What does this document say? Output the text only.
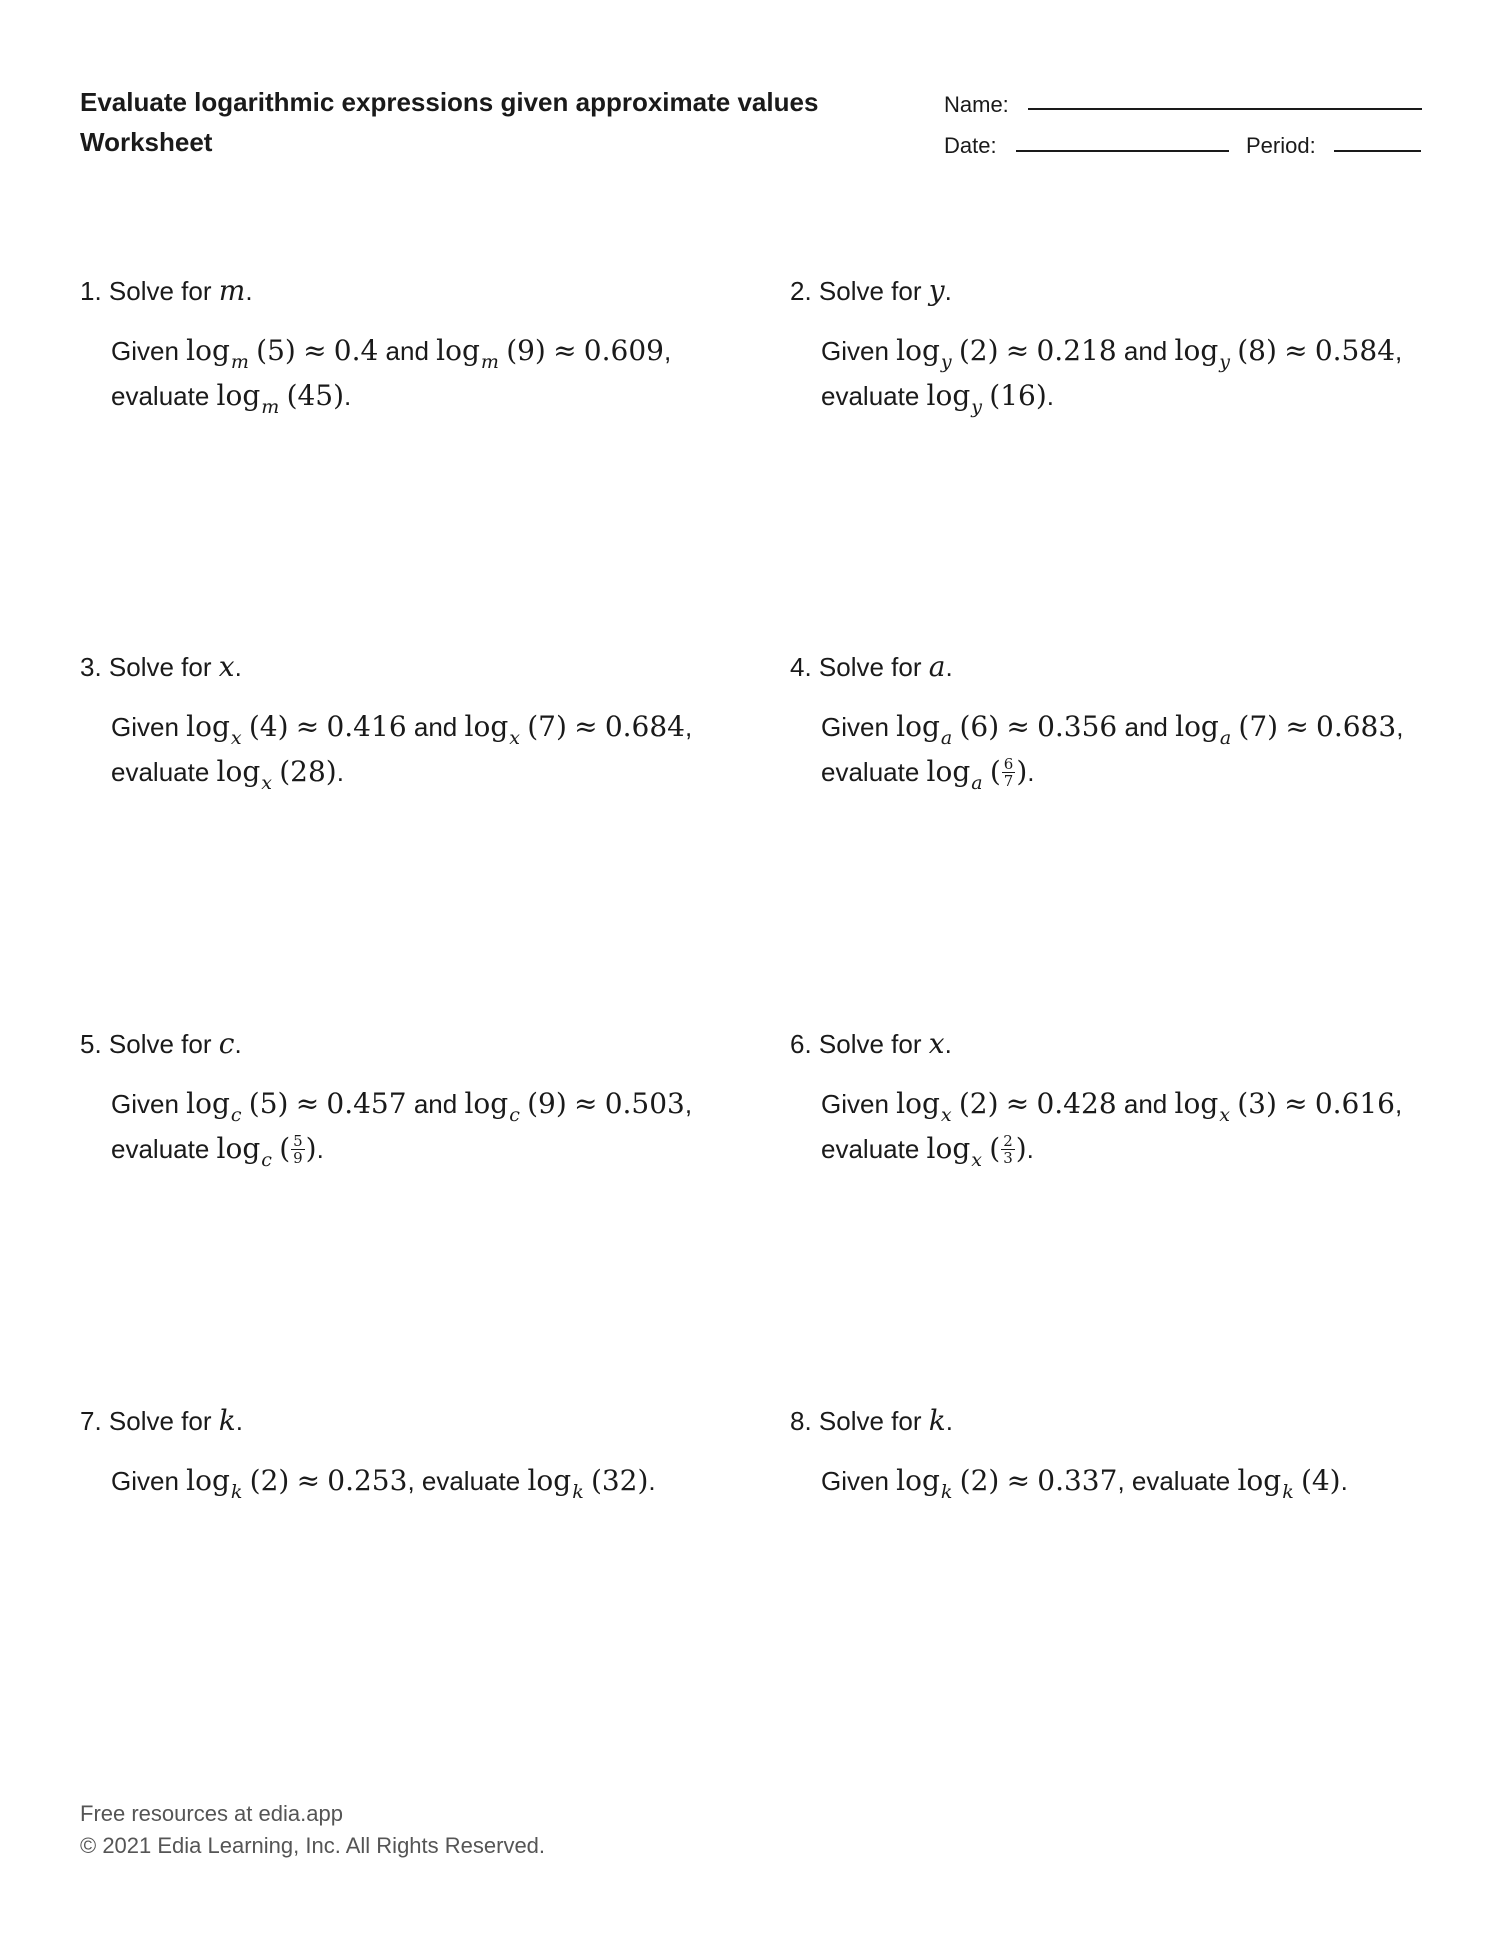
Evaluate logarithmic expressions given approximate values
Worksheet
Name:
Date:	Period:
1. Solve for m.
Given $\log_m (5) \approx 0.4$ and $\log_m (9) \approx 0.609$,
evaluate $\log_m (45)$.
2. Solve for y.
Given $\log_y (2) \approx 0.218$ and $\log_y (8) \approx 0.584$,
evaluate $\log_y (16)$.
3. Solve for x.
Given $\log_x (4) \approx 0.416$ and $\log_x (7) \approx 0.684$,
evaluate $\log_x (28)$.
4. Solve for a.
Given $\log_a (6) \approx 0.356$ and $\log_a (7) \approx 0.683$,
evaluate $\log_a$ ( $\frac{6}{7}$ ).
5. Solve for c.
Given $\log_c (5) \approx 0.457$ and $\log_c (9) \approx 0.503$,
evaluate $\log_c$ ( $\frac{5}{9}$ ).
6. Solve for x.
Given $\log_x (2) \approx 0.428$ and $\log_x (3) \approx 0.616$,
evaluate $\log_x$ ( $\frac{2}{3}$ ).
7. Solve for k.
Given $\log_k (2) \approx 0.253$, evaluate $\log_k (32)$.
8. Solve for k.
Given $\log_k (2) \approx 0.337$, evaluate $\log_k (4)$.
Free resources at edia.app
© 2021 Edia Learning, Inc. All Rights Reserved.
